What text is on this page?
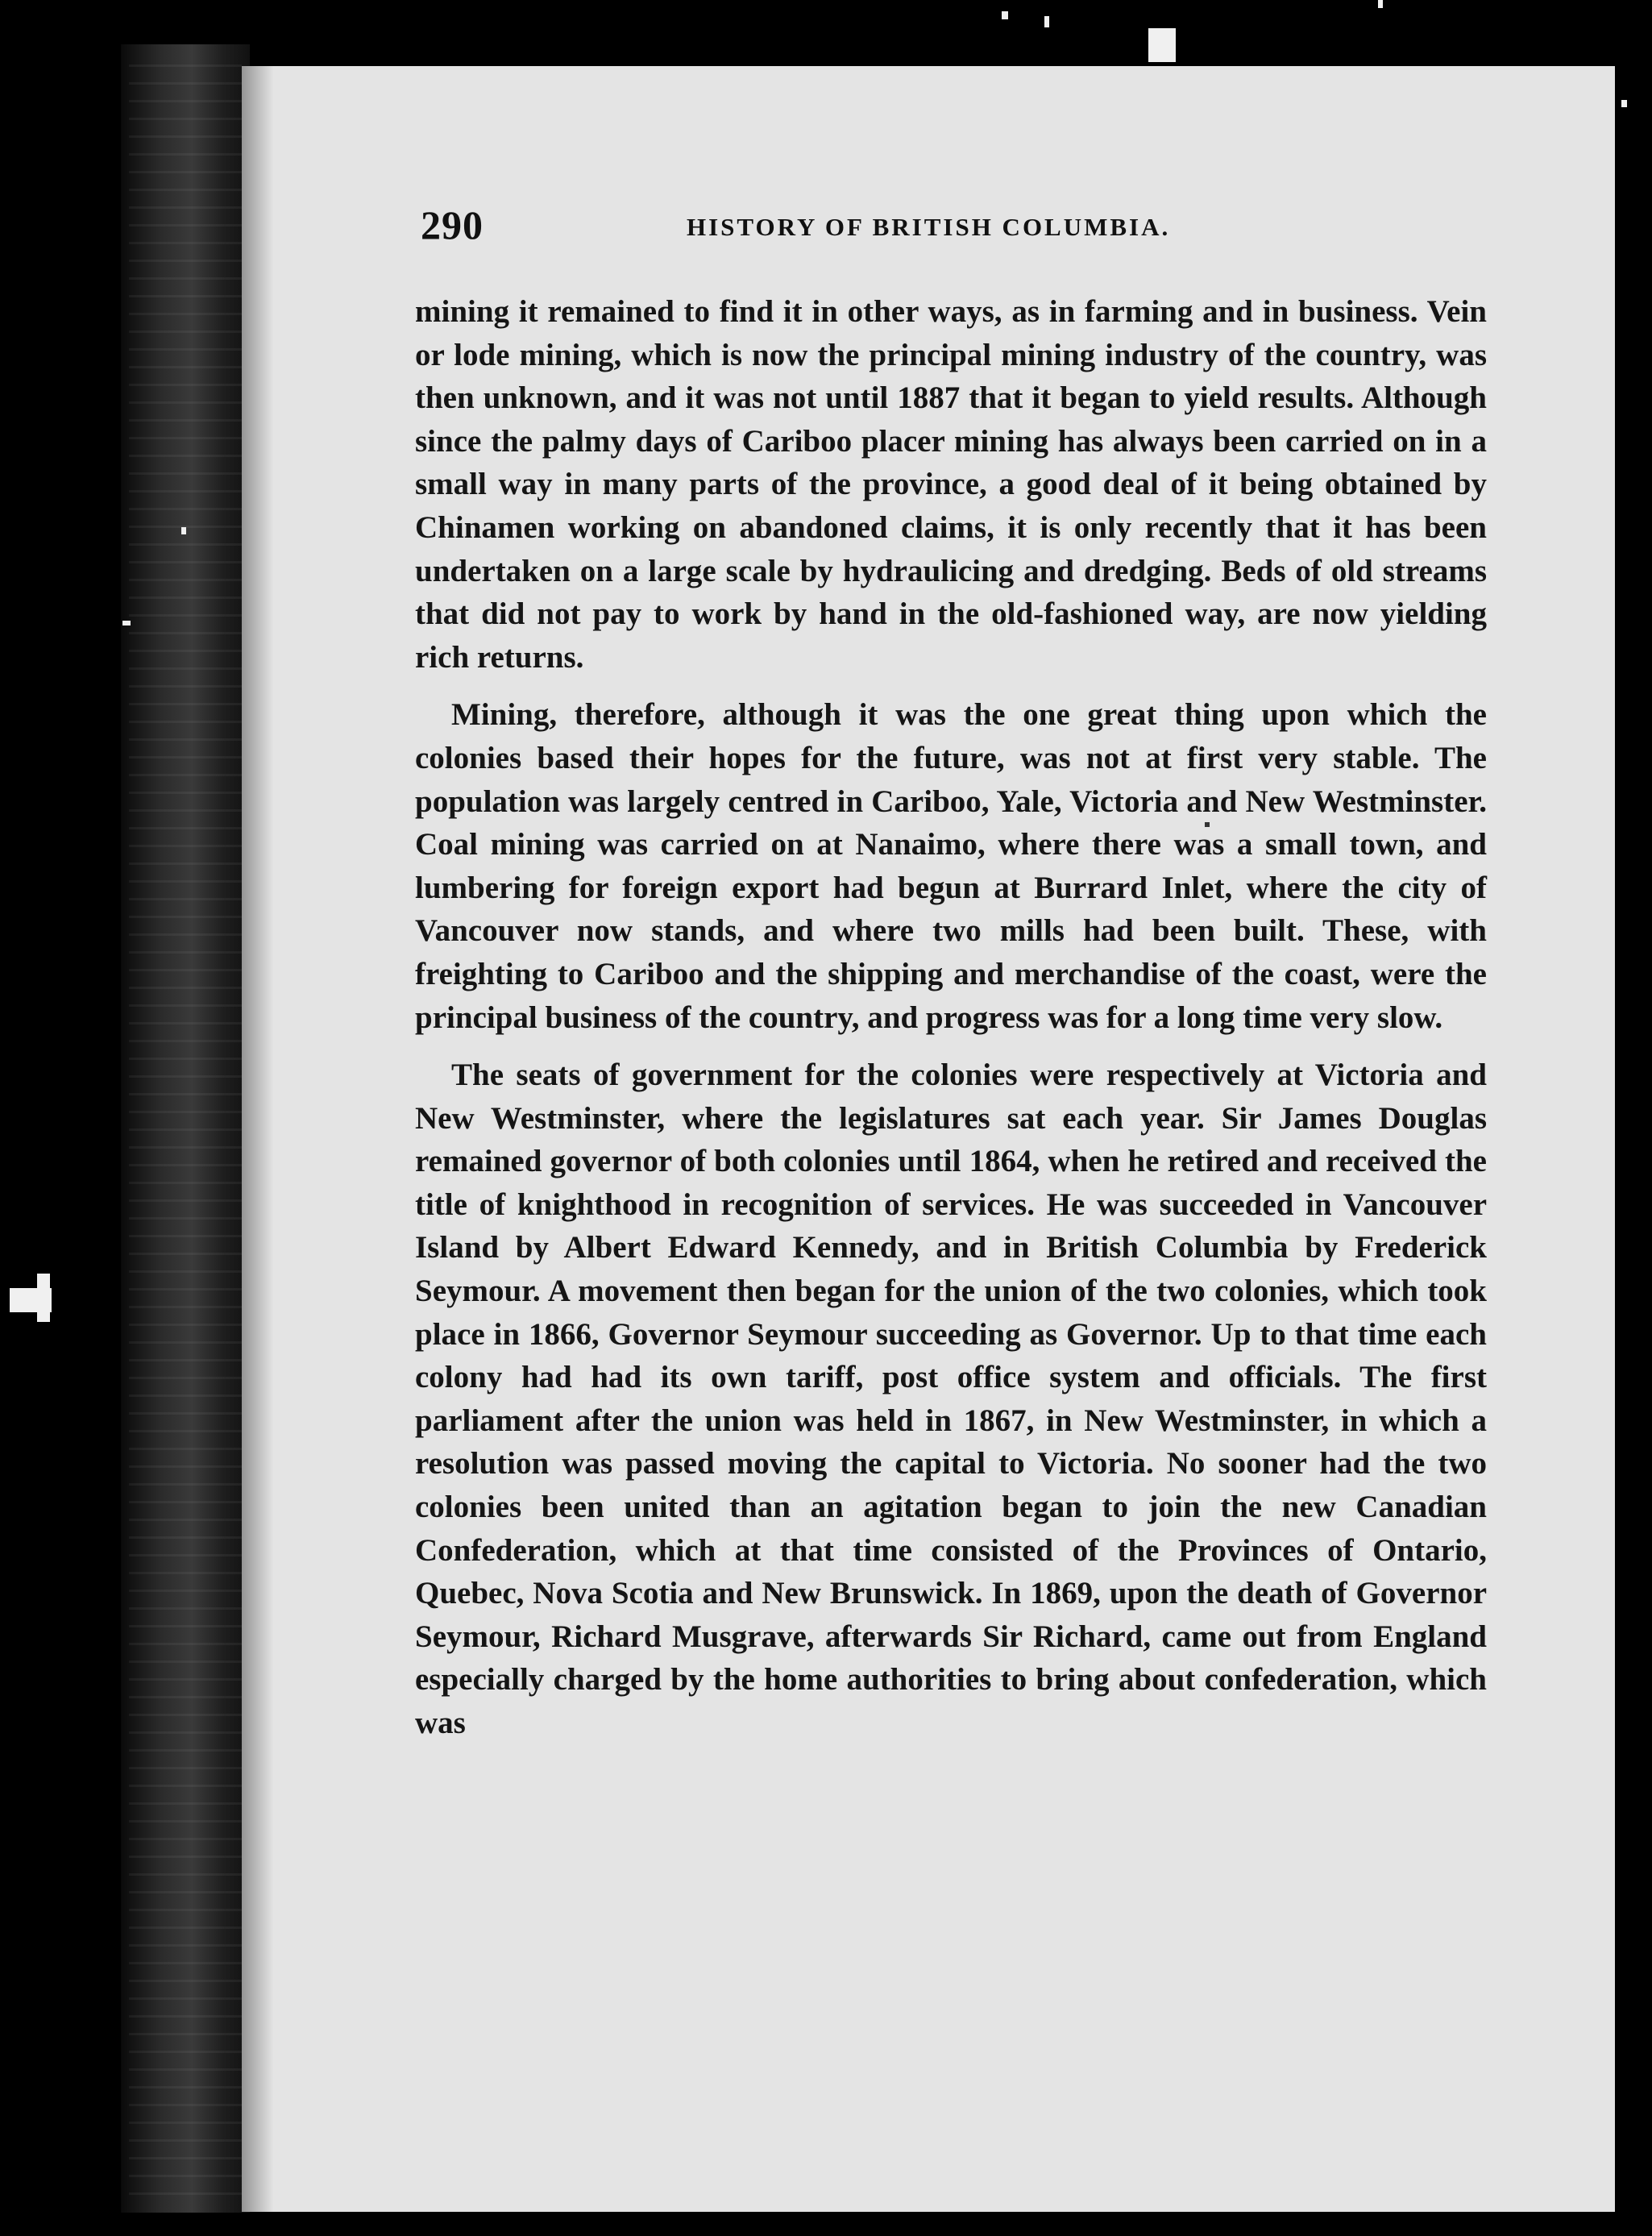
290	HISTORY OF BRITISH COLUMBIA.

mining it remained to find it in other ways, as in farming and in business. Vein or lode mining, which is now the principal mining industry of the country, was then unknown, and it was not until 1887 that it began to yield results. Although since the palmy days of Cariboo placer mining has always been carried on in a small way in many parts of the province, a good deal of it being obtained by Chinamen working on abandoned claims, it is only recently that it has been undertaken on a large scale by hydraulicing and dredging. Beds of old streams that did not pay to work by hand in the old-fashioned way, are now yielding rich returns.

Mining, therefore, although it was the one great thing upon which the colonies based their hopes for the future, was not at first very stable. The population was largely centred in Cariboo, Yale, Victoria and New Westminster. Coal mining was carried on at Nanaimo, where there was a small town, and lumbering for foreign export had begun at Burrard Inlet, where the city of Vancouver now stands, and where two mills had been built. These, with freighting to Cariboo and the shipping and merchandise of the coast, were the principal business of the country, and progress was for a long time very slow.

The seats of government for the colonies were respectively at Victoria and New Westminster, where the legislatures sat each year. Sir James Douglas remained governor of both colonies until 1864, when he retired and received the title of knighthood in recognition of services. He was succeeded in Vancouver Island by Albert Edward Kennedy, and in British Columbia by Frederick Seymour. A movement then began for the union of the two colonies, which took place in 1866, Governor Seymour succeeding as Governor. Up to that time each colony had had its own tariff, post office system and officials. The first parliament after the union was held in 1867, in New Westminster, in which a resolution was passed moving the capital to Victoria. No sooner had the two colonies been united than an agitation began to join the new Canadian Confederation, which at that time consisted of the Provinces of Ontario, Quebec, Nova Scotia and New Brunswick. In 1869, upon the death of Governor Seymour, Richard Musgrave, afterwards Sir Richard, came out from England especially charged by the home authorities to bring about confederation, which was
